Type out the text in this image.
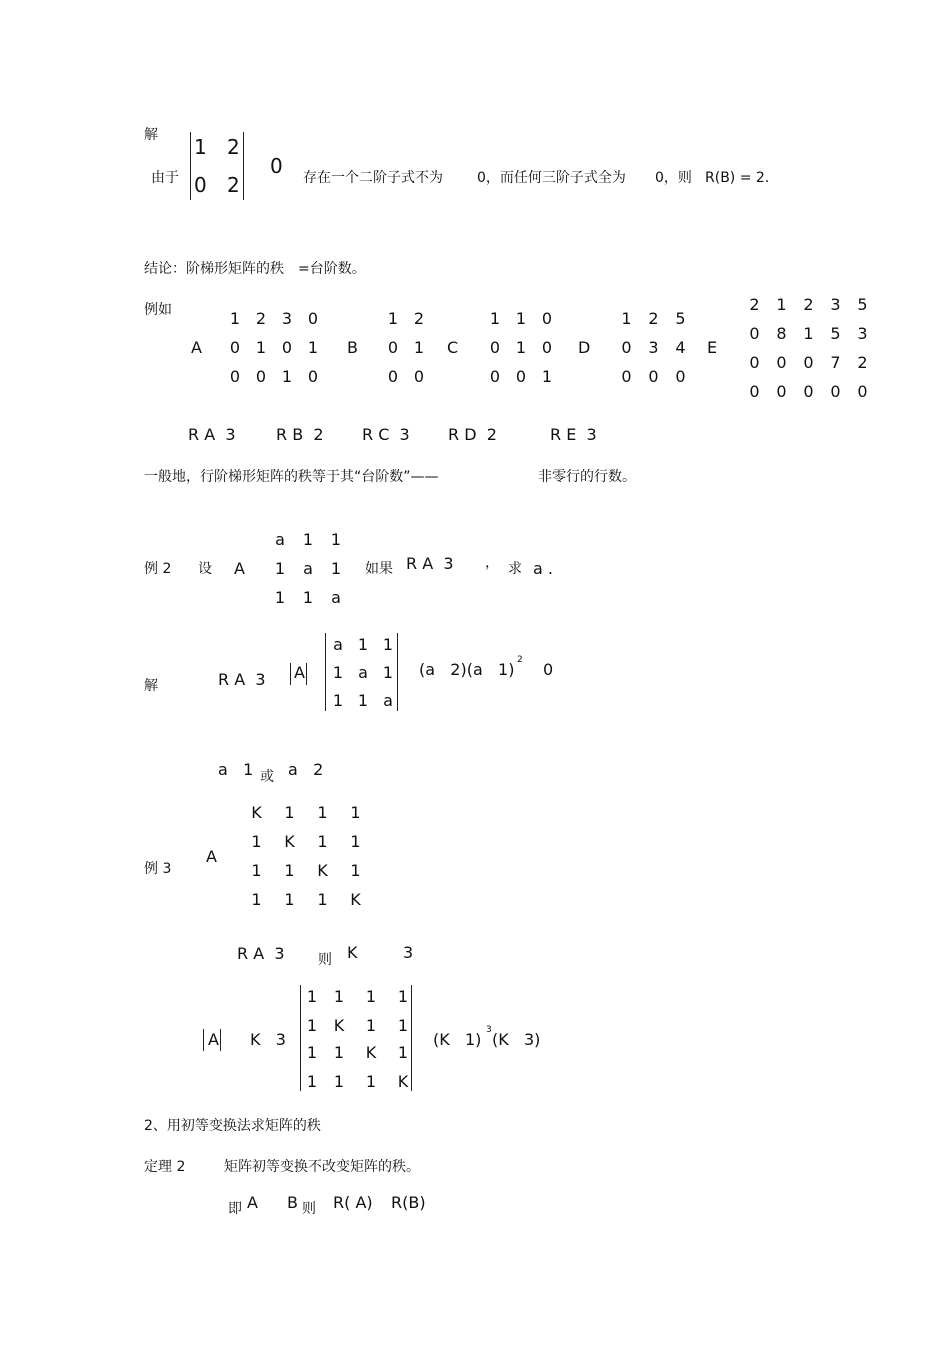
解
由于
1 2
0 2
0 存在一个二阶子式不为 0，而任何三阶子式全为 0，则 R(B) = 2.
结论：阶梯形矩阵的秩　=台阶数。
例如
A
1 2 3 0
0 1 0 1
0 0 1 0
B
1 2
0 1
0 0
C
1 1 0
0 1 0
0 0 1
D
1	2	5
0	3	4
0	0	0
E
2	1	2	3	5
0	8	1	5	3
0	0	0	7	2
0	0	0	0	0
R A  3	R B  2 R C  3 R D  2	R E  3
一般地，行阶梯形矩阵的秩等于其“台阶数”——	非零行的行数。
例 2 设 A
a	1	1
1	a	1
1	1	a
如果 R A  3 ， 求 a .
解	R A  3 A
a 1 1
1 a 1
1 1 a
(a   2)(a   1) 2 0
a   1 或 a   2
例 3
A
K	1	1	1
1	K	1	1
1	1	K	1
1	1	1	K
R A  3 则 K	3
A K   3
1	1	1	1
1	K	1	1
1	1	K	1
1	1	1	K
(K   1) 3 (K   3)
2、用初等变换法求矩阵的秩
定理 2	矩阵初等变换不改变矩阵的秩。
即 A B 则 R( A) R(B)
